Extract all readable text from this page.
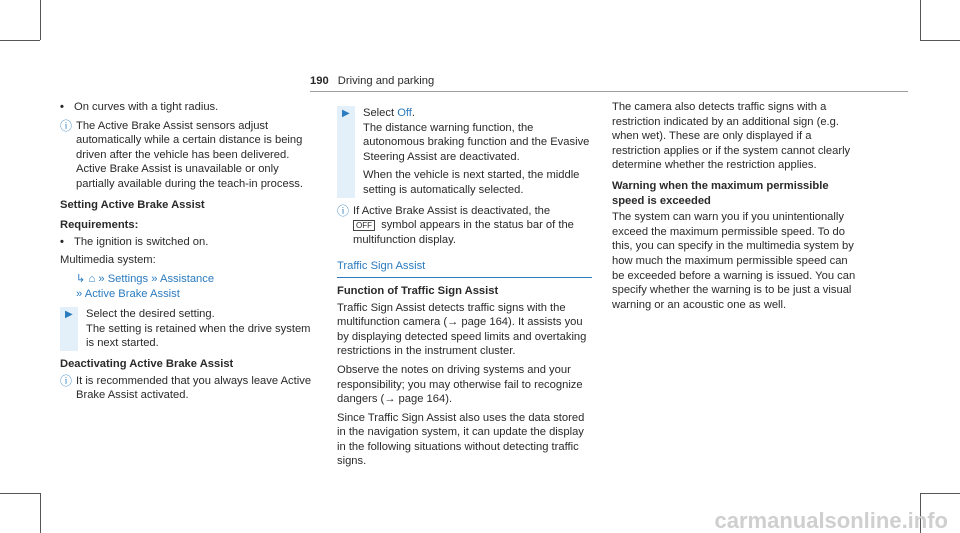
190 Driving and parking
• On curves with a tight radius.
ⓘ The Active Brake Assist sensors adjust automatically while a certain distance is being driven after the vehicle has been delivered. Active Brake Assist is unavailable or only partially available during the teach-in process.
Setting Active Brake Assist
Requirements:
• The ignition is switched on.

Multimedia system:

↳ ⌂ » Settings » Assistance
» Active Brake Assist
▶ Select the desired setting.
The setting is retained when the drive system is next started.
Deactivating Active Brake Assist
ⓘ It is recommended that you always leave Active Brake Assist activated.
▶ Select Off.
The distance warning function, the autonomous braking function and the Evasive Steering Assist are deactivated.
When the vehicle is next started, the middle setting is automatically selected.
ⓘ If Active Brake Assist is deactivated, the
OFF symbol appears in the status bar of the multifunction display.
Traffic Sign Assist
Function of Traffic Sign Assist

Traffic Sign Assist detects traffic signs with the multifunction camera (→ page 164). It assists you by displaying detected speed limits and overtaking restrictions in the instrument cluster.

Observe the notes on driving systems and your responsibility; you may otherwise fail to recognize dangers (→ page 164).

Since Traffic Sign Assist also uses the data stored in the navigation system, it can update the display in the following situations without detecting traffic signs.

The camera also detects traffic signs with a restriction indicated by an additional sign (e.g. when wet). These are only displayed if a restriction applies or if the system cannot clearly determine whether the restriction applies.

Warning when the maximum permissible speed is exceeded

The system can warn you if you unintentionally exceed the maximum permissible speed. To do this, you can specify in the multimedia system by how much the maximum permissible speed can be exceeded before a warning is issued. You can specify whether the warning is to be just a visual warning or an acoustic one as well.

carmanualsonline.info
